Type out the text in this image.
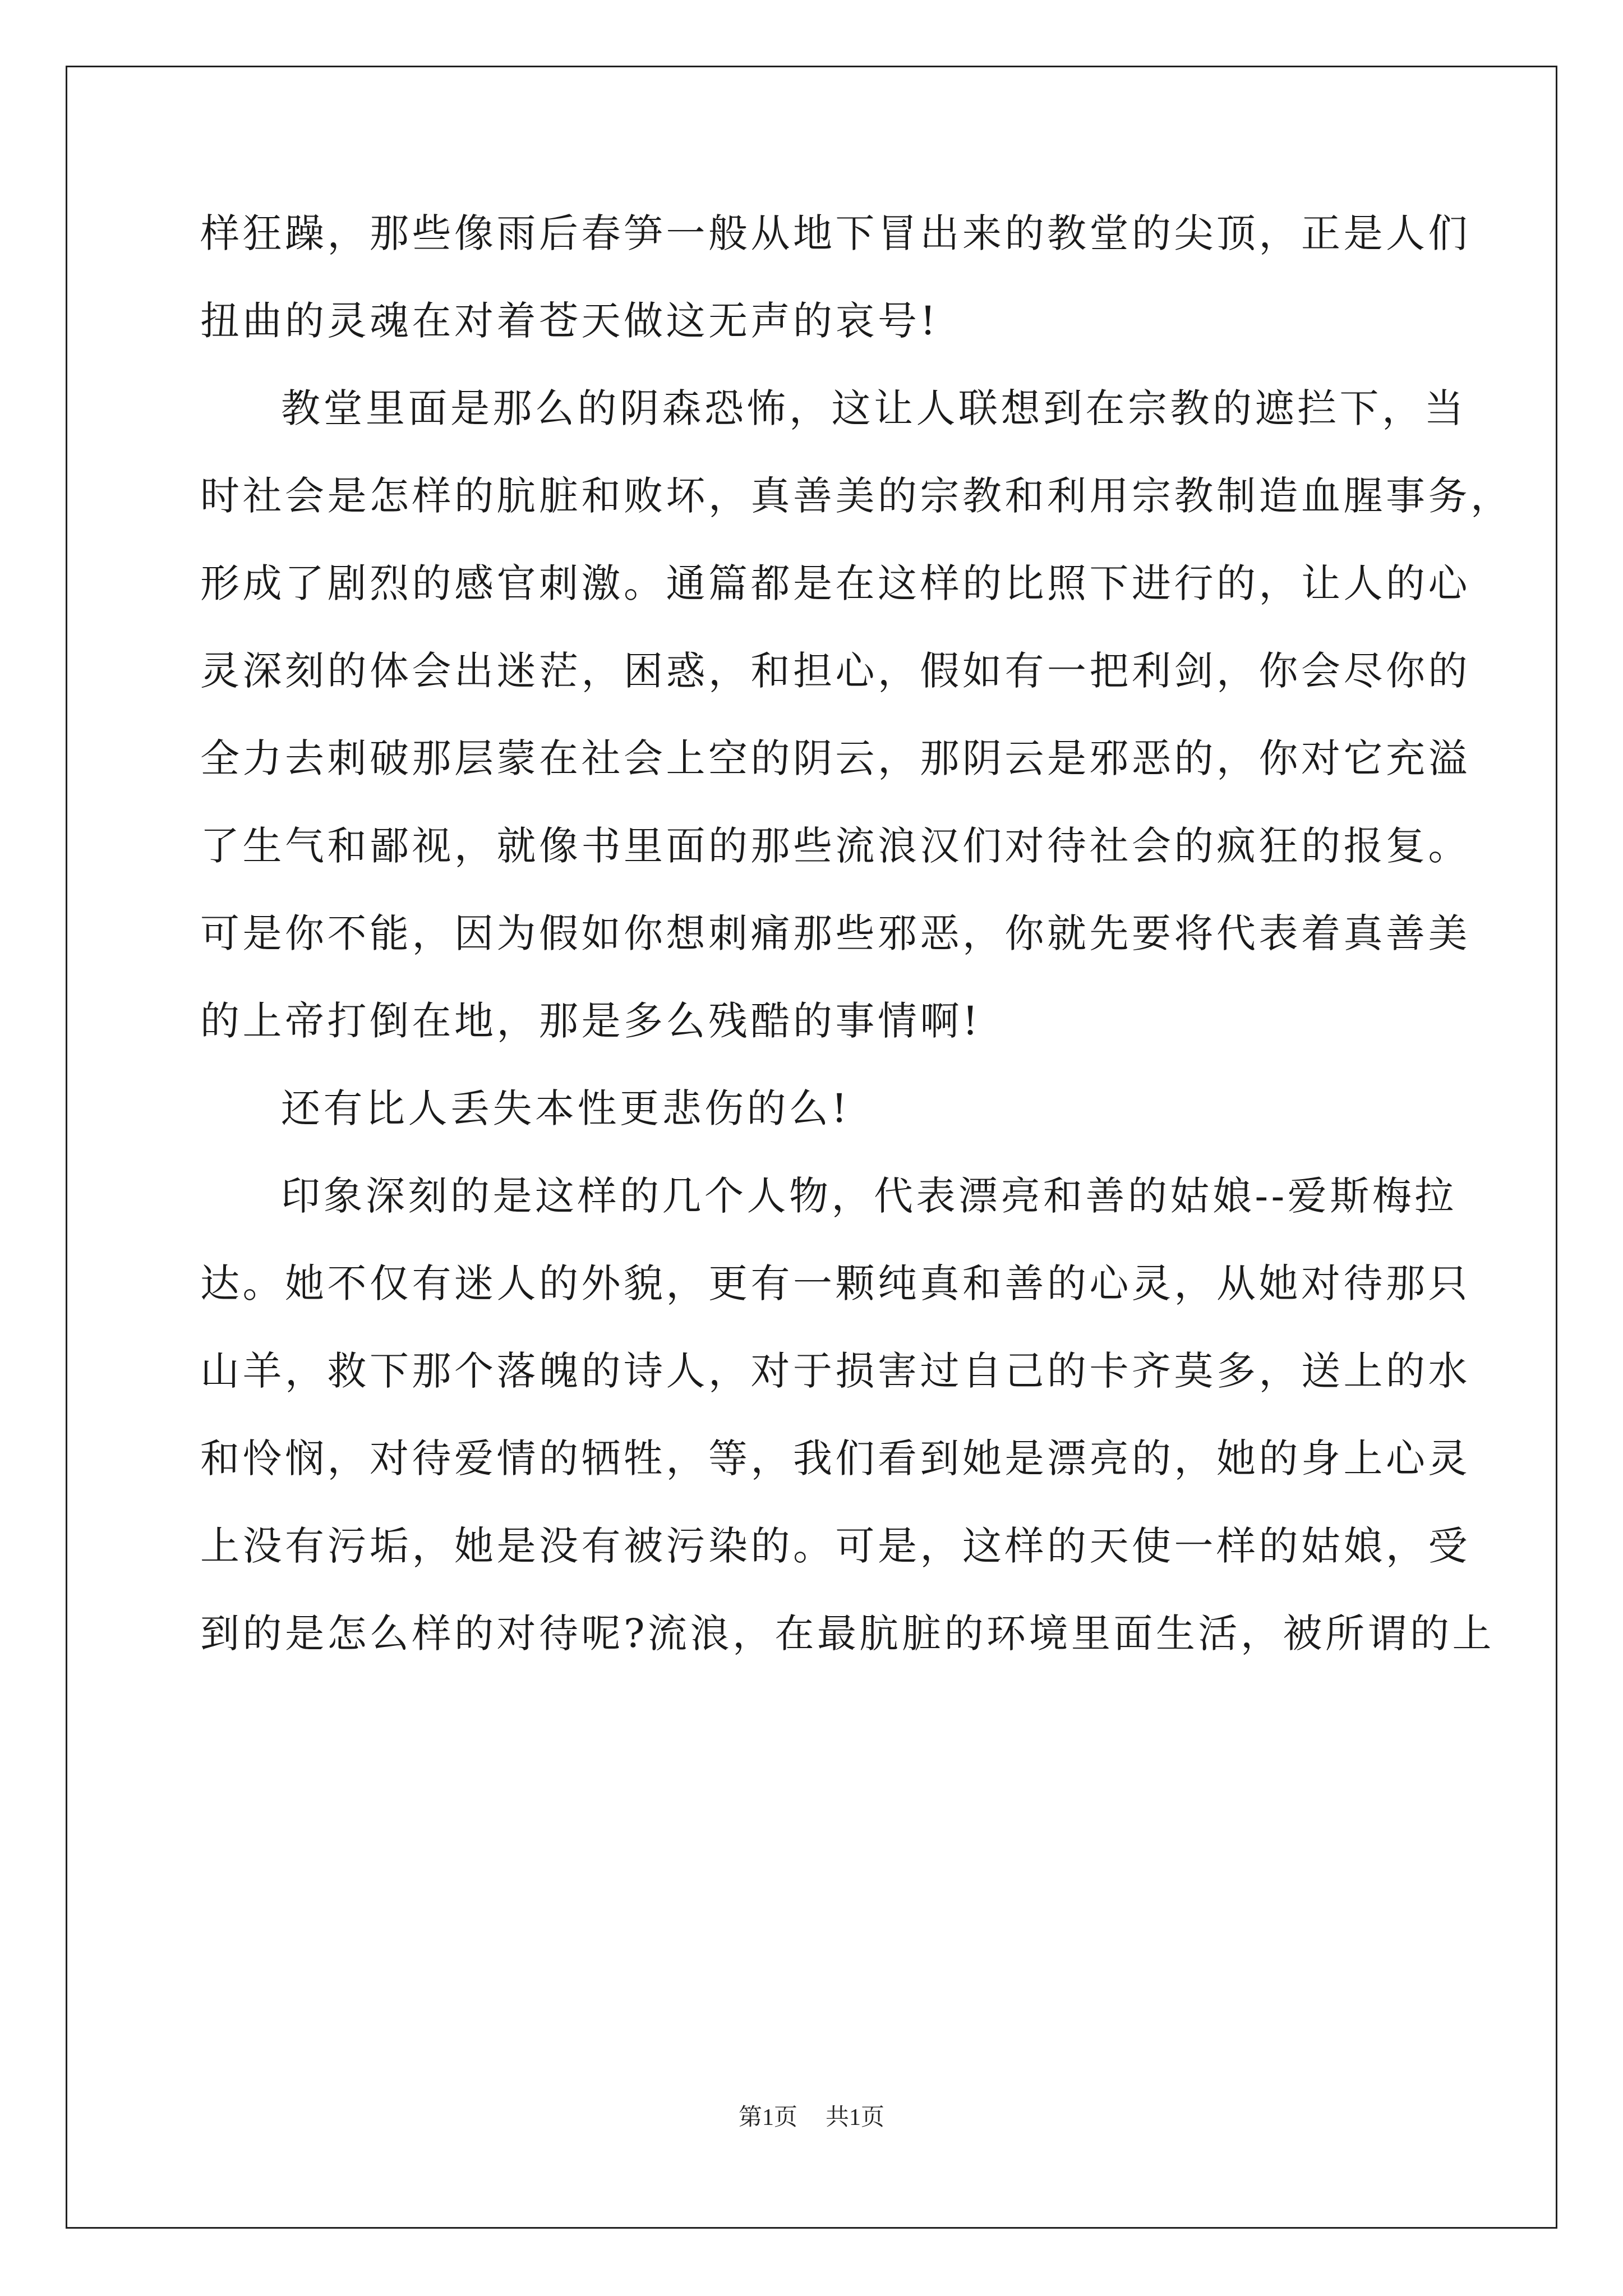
样狂躁，那些像雨后春笋一般从地下冒出来的教堂的尖顶，正是人们
扭曲的灵魂在对着苍天做这无声的哀号!
教堂里面是那么的阴森恐怖，这让人联想到在宗教的遮拦下，当
时社会是怎样的肮脏和败坏，真善美的宗教和利用宗教制造血腥事务，
形成了剧烈的感官刺激。通篇都是在这样的比照下进行的，让人的心
灵深刻的体会出迷茫，困惑，和担心，假如有一把利剑，你会尽你的
全力去刺破那层蒙在社会上空的阴云，那阴云是邪恶的，你对它充溢
了生气和鄙视，就像书里面的那些流浪汉们对待社会的疯狂的报复。
可是你不能，因为假如你想刺痛那些邪恶，你就先要将代表着真善美
的上帝打倒在地，那是多么残酷的事情啊!
还有比人丢失本性更悲伤的么!
印象深刻的是这样的几个人物，代表漂亮和善的姑娘--爱斯梅拉
达。她不仅有迷人的外貌，更有一颗纯真和善的心灵，从她对待那只
山羊，救下那个落魄的诗人，对于损害过自己的卡齐莫多，送上的水
和怜悯，对待爱情的牺牲，等，我们看到她是漂亮的，她的身上心灵
上没有污垢，她是没有被污染的。可是，这样的天使一样的姑娘，受
到的是怎么样的对待呢?流浪，在最肮脏的环境里面生活，被所谓的上
第1页 共1页
